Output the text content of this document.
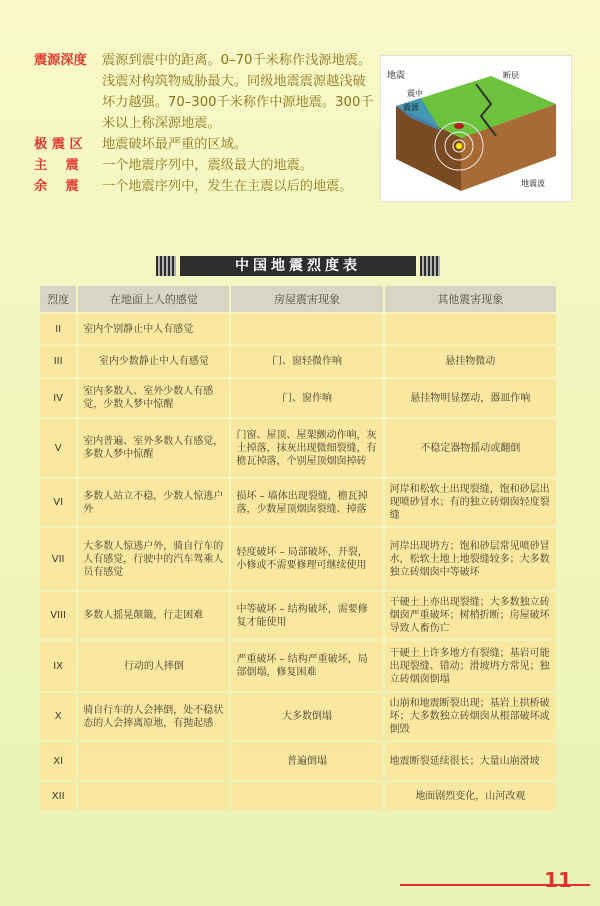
震源深度	震源到震中的距离。0–70千米称作浅源地震。浅震对构筑物威胁最大。同级地震震源越浅破坏力越强。70–300千米称作中源地震。300千米以上称深源地震。
极 震 区	地震破坏最严重的区域。
主    震	一个地震序列中，震级最大的地震。
余    震	一个地震序列中，发生在主震以后的地震。
地震	断层
震中
震源
地震波
中国地震烈度表
烈度	在地面上人的感觉	房屋震害现象	其他震害现象
II	室内个别静止中人有感觉		
III	室内少数静止中人有感觉	门、窗轻微作响	悬挂物微动
IV	室内多数人、室外少数人有感觉，少数人梦中惊醒	门、窗作响	悬挂物明显摆动，器皿作响
V	室内普遍、室外多数人有感觉，多数人梦中惊醒	门窗、屋顶、屋架颤动作响，灰土掉落，抹灰出现微细裂缝，有檐瓦掉落，个别屋顶烟囱掉砖	不稳定器物摇动或翻倒
VI	多数人站立不稳，少数人惊逃户外	损坏 – 墙体出现裂缝，檐瓦掉落，少数屋顶烟囱裂缝、掉落	河岸和松软土出现裂缝，饱和砂层出现喷砂冒水；有的独立砖烟囱轻度裂缝
VII	大多数人惊逃户外，骑自行车的人有感觉，行驶中的汽车驾乘人员有感觉	轻度破坏 – 局部破坏，开裂，小修或不需要修理可继续使用	河岸出现坍方；饱和砂层常见喷砂冒水，松软土地上地裂缝较多；大多数独立砖烟囱中等破坏
VIII	多数人摇晃颠簸，行走困难	中等破坏 – 结构破坏，需要修复才能使用	干硬土上亦出现裂缝；大多数独立砖烟囱严重破坏；树梢折断；房屋破坏导致人畜伤亡
IX	行动的人摔倒	严重破坏 – 结构严重破坏，局部倒塌，修复困难	干硬土上许多地方有裂缝；基岩可能出现裂缝、错动；滑坡坍方常见；独立砖烟囱倒塌
X	骑自行车的人会摔倒，处不稳状态的人会摔离原地，有抛起感	大多数倒塌	山崩和地震断裂出现；基岩上拱桥破坏；大多数独立砖烟囱从根部破坏或倒毁
XI		普遍倒塌	地震断裂延续很长；大量山崩滑坡
XII			地面剧烈变化，山河改观
11
